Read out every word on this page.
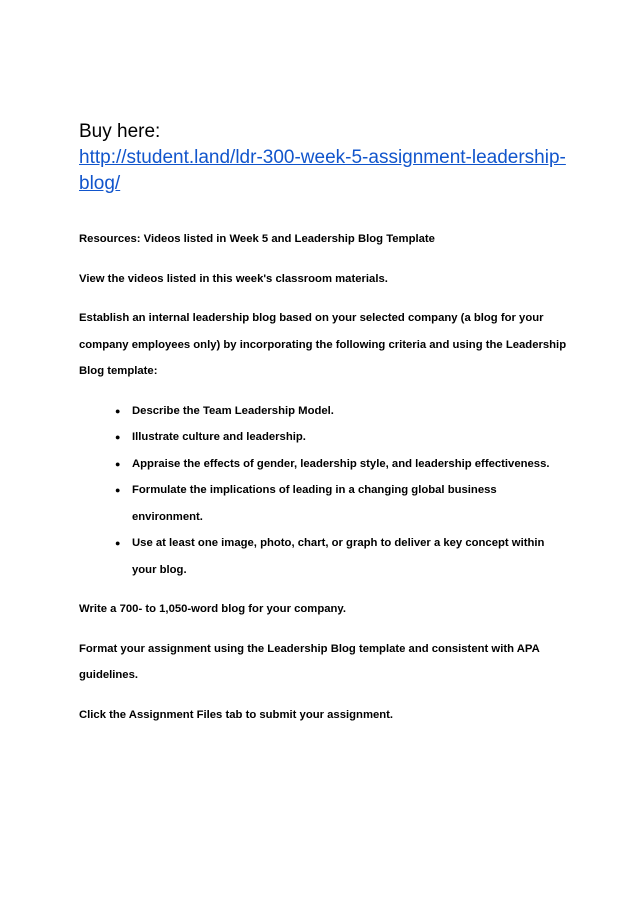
Buy here:

http://student.land/ldr-300-week-5-assignment-leadership-blog/

Resources: Videos listed in Week 5 and Leadership Blog Template

View the videos listed in this week's classroom materials.

Establish an internal leadership blog based on your selected company (a blog for your company employees only) by incorporating the following criteria and using the Leadership Blog template:

● Describe the Team Leadership Model.
● Illustrate culture and leadership.
● Appraise the effects of gender, leadership style, and leadership effectiveness.
● Formulate the implications of leading in a changing global business environment.
● Use at least one image, photo, chart, or graph to deliver a key concept within your blog.

Write a 700- to 1,050-word blog for your company.

Format your assignment using the Leadership Blog template and consistent with APA guidelines.

Click the Assignment Files tab to submit your assignment.
